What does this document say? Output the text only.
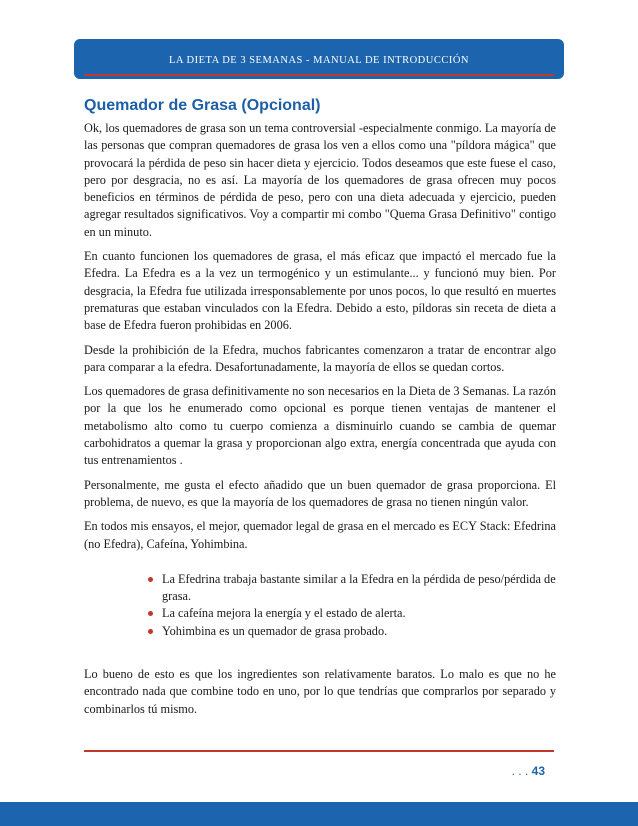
LA DIETA DE 3 SEMANAS - MANUAL DE INTRODUCCIÓN
Quemador de Grasa (Opcional)

Ok, los quemadores de grasa son un tema controversial -especialmente conmigo. La mayoría de las personas que compran quemadores de grasa los ven a ellos como una "píldora mágica" que provocará la pérdida de peso sin hacer dieta y ejercicio. Todos deseamos que este fuese el caso, pero por desgracia, no es así. La mayoría de los quemadores de grasa ofrecen muy pocos beneficios en términos de pérdida de peso, pero con una dieta adecuada y ejercicio, pueden agregar resultados significativos. Voy a compartir mi combo "Quema Grasa Definitivo" contigo en un minuto.

En cuanto funcionen los quemadores de grasa, el más eficaz que impactó el mercado fue la Efedra. La Efedra es a la vez un termogénico y un estimulante... y funcionó muy bien. Por desgracia, la Efedra fue utilizada irresponsablemente por unos pocos, lo que resultó en muertes prematuras que estaban vinculados con la Efedra. Debido a esto, píldoras sin receta de dieta a base de Efedra fueron prohibidas en 2006.

Desde la prohibición de la Efedra, muchos fabricantes comenzaron a tratar de encontrar algo para comparar a la efedra. Desafortunadamente, la mayoría de ellos se quedan cortos.

Los quemadores de grasa definitivamente no son necesarios en la Dieta de 3 Semanas. La razón por la que los he enumerado como opcional es porque tienen ventajas de mantener el metabolismo alto como tu cuerpo comienza a disminuirlo cuando se cambia de quemar carbohidratos a quemar la grasa y proporcionan algo extra, energía concentrada que ayuda con tus entrenamientos .

Personalmente, me gusta el efecto añadido que un buen quemador de grasa proporciona. El problema, de nuevo, es que la mayoría de los quemadores de grasa no tienen ningún valor.

En todos mis ensayos, el mejor, quemador legal de grasa en el mercado es ECY Stack: Efedrina (no Efedra), Cafeína, Yohimbina.

La Efedrina trabaja bastante similar a la Efedra en la pérdida de peso/pérdida de grasa.
La cafeína mejora la energía y el estado de alerta.
Yohimbina es un quemador de grasa probado.

Lo bueno de esto es que los ingredientes son relativamente baratos. Lo malo es que no he encontrado nada que combine todo en uno, por lo que tendrías que comprarlos por separado y combinarlos tú mismo.

. . . 43
